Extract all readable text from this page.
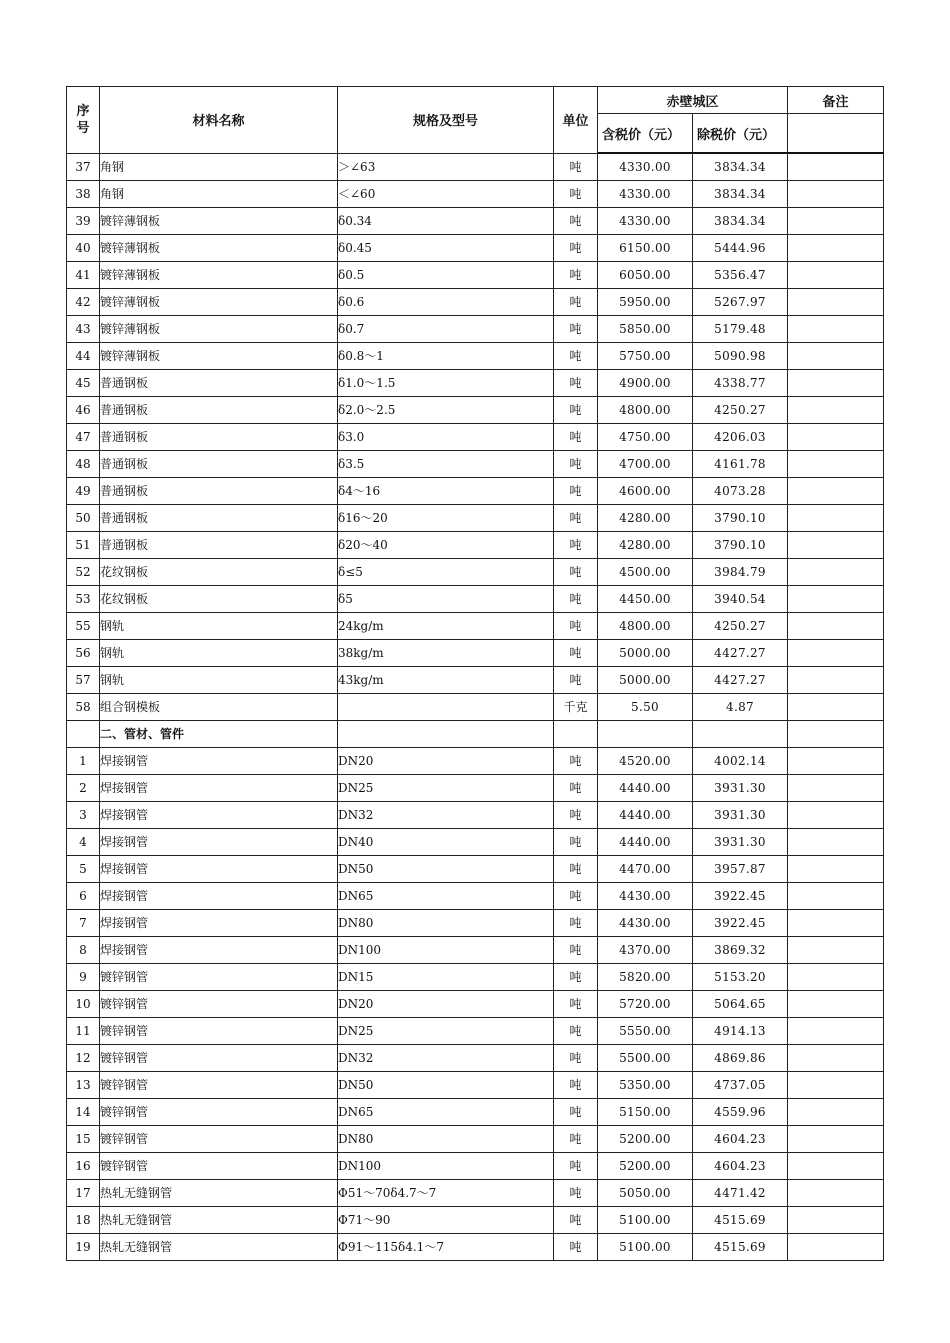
序
号	材料名称	规格及型号	单位	赤壁城区		备注
				含税价（元）	除税价（元）	
37	角钢	＞∠63	吨	4330.00	3834.34	
38	角钢	＜∠60	吨	4330.00	3834.34	
39	镀锌薄钢板	δ0.34	吨	4330.00	3834.34	
40	镀锌薄钢板	δ0.45	吨	6150.00	5444.96	
41	镀锌薄钢板	δ0.5	吨	6050.00	5356.47	
42	镀锌薄钢板	δ0.6	吨	5950.00	5267.97	
43	镀锌薄钢板	δ0.7	吨	5850.00	5179.48	
44	镀锌薄钢板	δ0.8～1	吨	5750.00	5090.98	
45	普通钢板	δ1.0～1.5	吨	4900.00	4338.77	
46	普通钢板	δ2.0～2.5	吨	4800.00	4250.27	
47	普通钢板	δ3.0	吨	4750.00	4206.03	
48	普通钢板	δ3.5	吨	4700.00	4161.78	
49	普通钢板	δ4～16	吨	4600.00	4073.28	
50	普通钢板	δ16～20	吨	4280.00	3790.10	
51	普通钢板	δ20～40	吨	4280.00	3790.10	
52	花纹钢板	δ≤5	吨	4500.00	3984.79	
53	花纹钢板	δ5	吨	4450.00	3940.54	
55	钢轨	24kg/m	吨	4800.00	4250.27	
56	钢轨	38kg/m	吨	5000.00	4427.27	
57	钢轨	43kg/m	吨	5000.00	4427.27	
58	组合钢模板		千克	5.50	4.87	
	二、管材、管件					
1	焊接钢管	DN20	吨	4520.00	4002.14	
2	焊接钢管	DN25	吨	4440.00	3931.30	
3	焊接钢管	DN32	吨	4440.00	3931.30	
4	焊接钢管	DN40	吨	4440.00	3931.30	
5	焊接钢管	DN50	吨	4470.00	3957.87	
6	焊接钢管	DN65	吨	4430.00	3922.45	
7	焊接钢管	DN80	吨	4430.00	3922.45	
8	焊接钢管	DN100	吨	4370.00	3869.32	
9	镀锌钢管	DN15	吨	5820.00	5153.20	
10	镀锌钢管	DN20	吨	5720.00	5064.65	
11	镀锌钢管	DN25	吨	5550.00	4914.13	
12	镀锌钢管	DN32	吨	5500.00	4869.86	
13	镀锌钢管	DN50	吨	5350.00	4737.05	
14	镀锌钢管	DN65	吨	5150.00	4559.96	
15	镀锌钢管	DN80	吨	5200.00	4604.23	
16	镀锌钢管	DN100	吨	5200.00	4604.23	
17	热轧无缝钢管	Φ51～70δ4.7～7	吨	5050.00	4471.42	
18	热轧无缝钢管	Φ71～90	吨	5100.00	4515.69	
19	热轧无缝钢管	Φ91～115δ4.1～7	吨	5100.00	4515.69	
